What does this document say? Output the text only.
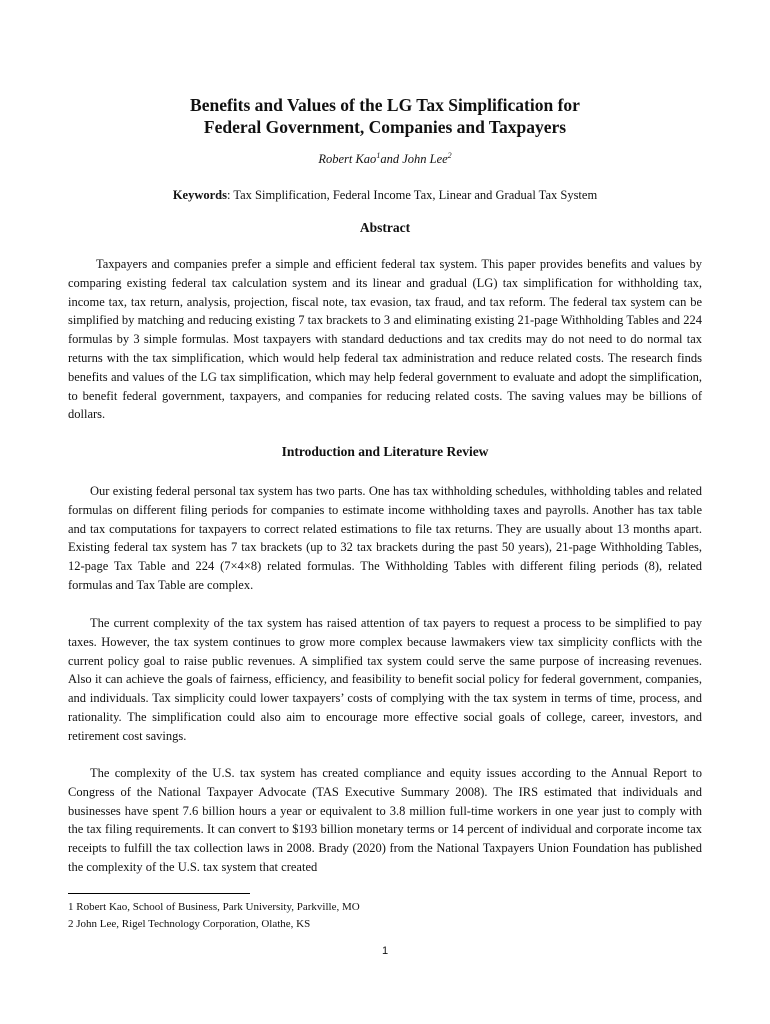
Benefits and Values of the LG Tax Simplification for
Federal Government, Companies and Taxpayers
Robert Kao$^1$and John Lee$^2$
Keywords: Tax Simplification, Federal Income Tax, Linear and Gradual Tax System
Abstract

Taxpayers and companies prefer a simple and efficient federal tax system. This paper provides benefits and values by comparing existing federal tax calculation system and its linear and gradual (LG) tax simplification for withholding tax, income tax, tax return, analysis, projection, fiscal note, tax evasion, tax fraud, and tax reform. The federal tax system can be simplified by matching and reducing existing 7 tax brackets to 3 and eliminating existing 21-page Withholding Tables and 224 formulas by 3 simple formulas. Most taxpayers with standard deductions and tax credits may do not need to do normal tax returns with the tax simplification, which would help federal tax administration and reduce related costs. The research finds benefits and values of the LG tax simplification, which may help federal government to evaluate and adopt the simplification, to benefit federal government, taxpayers, and companies for reducing related costs. The saving values may be billions of dollars.

Introduction and Literature Review

Our existing federal personal tax system has two parts. One has tax withholding schedules, withholding tables and related formulas on different filing periods for companies to estimate income withholding taxes and payrolls. Another has tax table and tax computations for taxpayers to correct related estimations to file tax returns. They are usually about 13 months apart. Existing federal tax system has 7 tax brackets (up to 32 tax brackets during the past 50 years), 21-page Withholding Tables, 12-page Tax Table and 224 (7×4×8) related formulas. The Withholding Tables with different filing periods (8), related formulas and Tax Table are complex.

The current complexity of the tax system has raised attention of tax payers to request a process to be simplified to pay taxes. However, the tax system continues to grow more complex because lawmakers view tax simplicity conflicts with the current policy goal to raise public revenues. A simplified tax system could serve the same purpose of increasing revenues. Also it can achieve the goals of fairness, efficiency, and feasibility to benefit social policy for federal government, companies, and individuals. Tax simplicity could lower taxpayers’ costs of complying with the tax system in terms of time, process, and rationality. The simplification could also aim to encourage more effective social goals of college, career, investors, and retirement cost savings.

The complexity of the U.S. tax system has created compliance and equity issues according to the Annual Report to Congress of the National Taxpayer Advocate (TAS Executive Summary 2008). The IRS estimated that individuals and businesses have spent 7.6 billion hours a year or equivalent to 3.8 million full-time workers in one year just to comply with the tax filing requirements. It can convert to $193 billion monetary terms or 14 percent of individual and corporate income tax receipts to fulfill the tax collection laws in 2008. Brady (2020) from the National Taxpayers Union Foundation has published the complexity of the U.S. tax system that created

1 Robert Kao, School of Business, Park University, Parkville, MO
2 John Lee, Rigel Technology Corporation, Olathe, KS
1
